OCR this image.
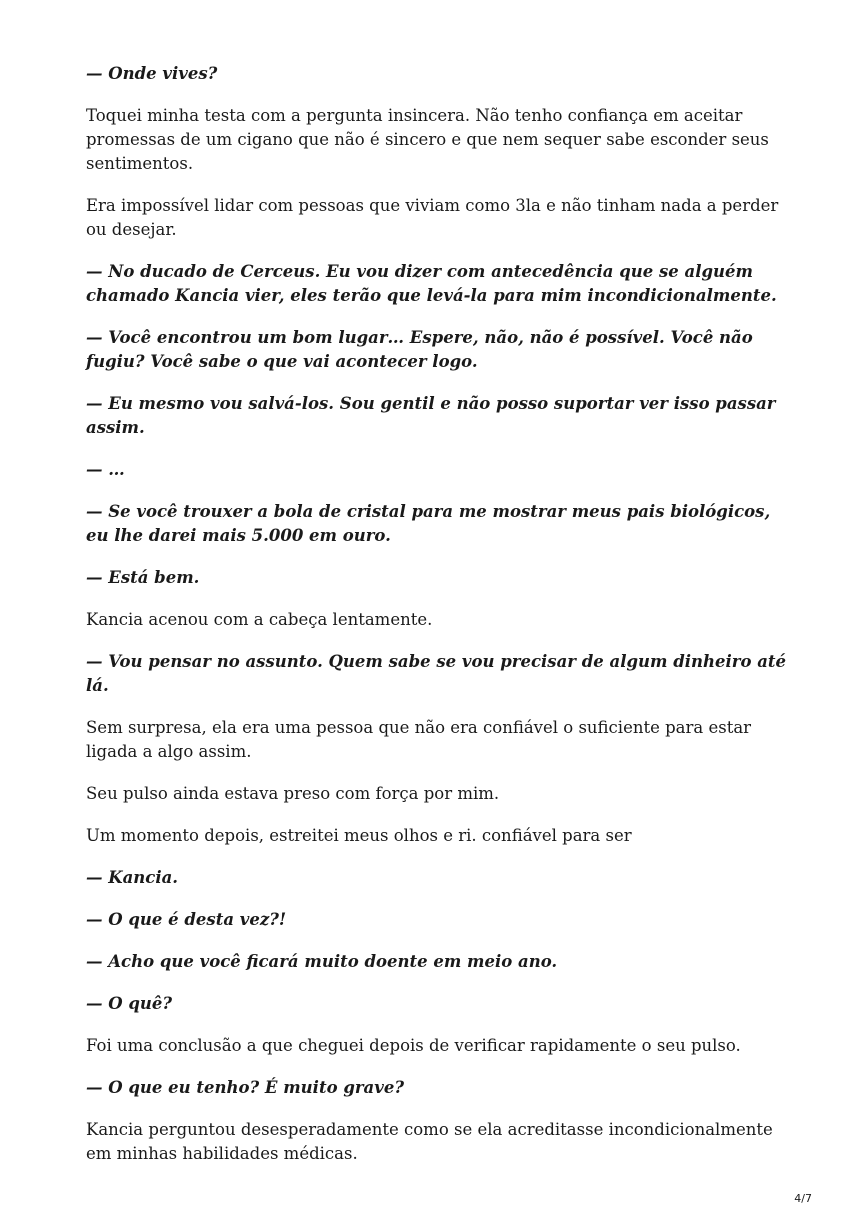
— Onde vives?

Toquei minha testa com a pergunta insincera. Não tenho confiança em aceitar promessas de um cigano que não é sincero e que nem sequer sabe esconder seus sentimentos.

Era impossível lidar com pessoas que viviam como 3la e não tinham nada a perder ou desejar.

— No ducado de Cerceus. Eu vou dizer com antecedência que se alguém chamado Kancia vier, eles terão que levá-la para mim incondicionalmente.

— Você encontrou um bom lugar… Espere, não, não é possível. Você não fugiu? Você sabe o que vai acontecer logo.

— Eu mesmo vou salvá-los. Sou gentil e não posso suportar ver isso passar assim.

— …

— Se você trouxer a bola de cristal para me mostrar meus pais biológicos, eu lhe darei mais 5.000 em ouro.

— Está bem.

Kancia acenou com a cabeça lentamente.

— Vou pensar no assunto. Quem sabe se vou precisar de algum dinheiro até lá.

Sem surpresa, ela era uma pessoa que não era confiável o suficiente para estar ligada a algo assim.

Seu pulso ainda estava preso com força por mim.

Um momento depois, estreitei meus olhos e ri. confiável para ser

— Kancia.

— O que é desta vez?!

— Acho que você ficará muito doente em meio ano.

— O quê?

Foi uma conclusão a que cheguei depois de verificar rapidamente o seu pulso.

— O que eu tenho? É muito grave?

Kancia perguntou desesperadamente como se ela acreditasse incondicionalmente em minhas habilidades médicas.

4/7
